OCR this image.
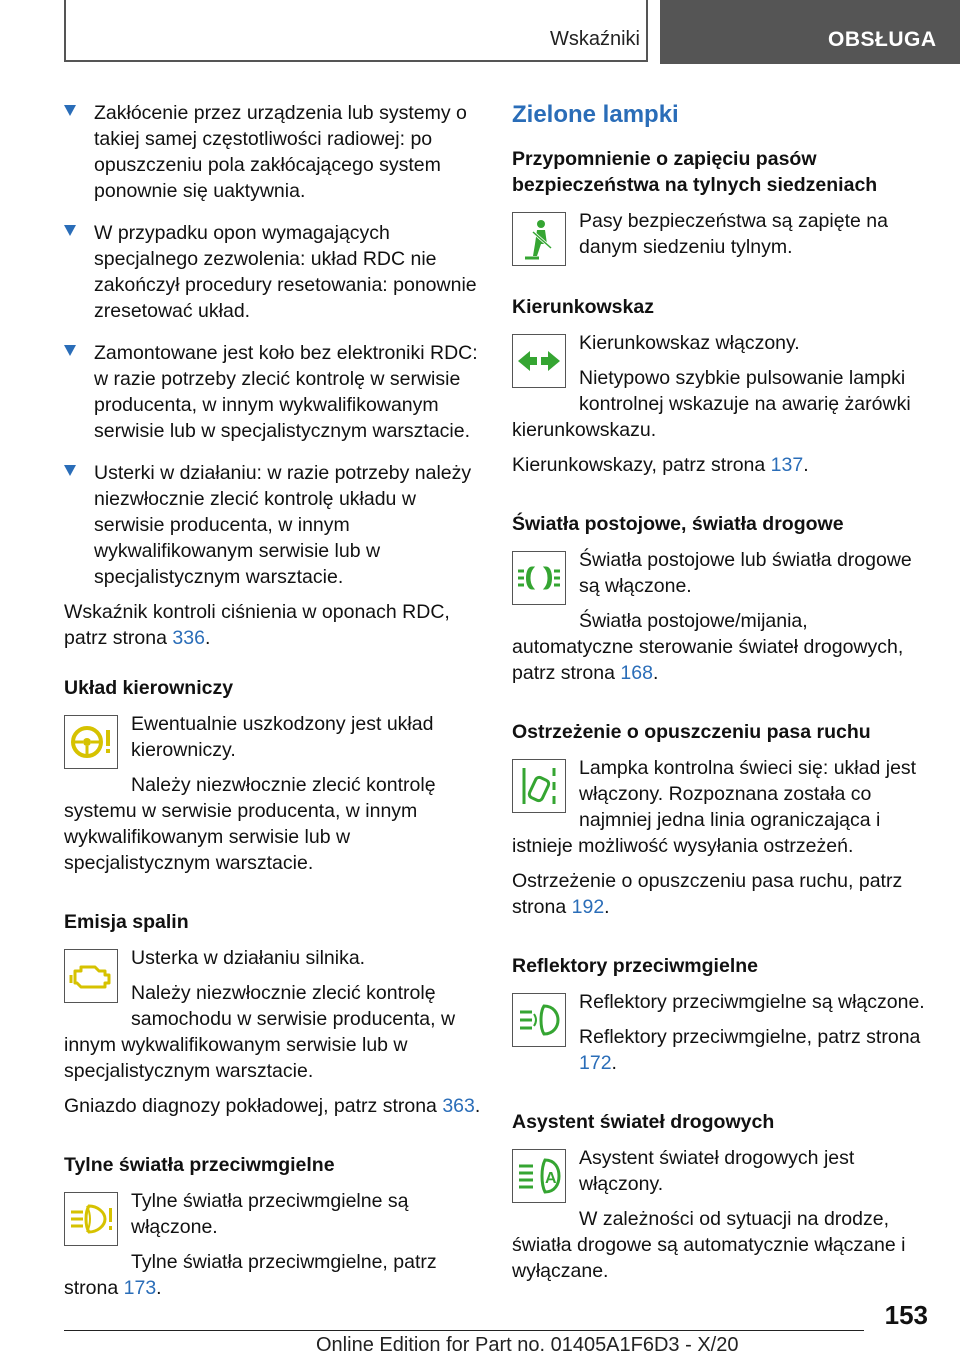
Wskaźniki	OBSŁUGA
Zakłócenie przez urządzenia lub systemy o takiej samej częstotliwości radiowej: po opuszczeniu pola zakłócającego system ponownie się uaktywnia.
W przypadku opon wymagających specjalnego zezwolenia: układ RDC nie zakończył procedury resetowania: ponownie zresetować układ.
Zamontowane jest koło bez elektroniki RDC: w razie potrzeby zlecić kontrolę w serwisie producenta, w innym wykwalifikowanym serwisie lub w specjalistycznym warsztacie.
Usterki w działaniu: w razie potrzeby należy niezwłocznie zlecić kontrolę układu w serwisie producenta, w innym wykwalifikowanym serwisie lub w specjalistycznym warsztacie.

Wskaźnik kontroli ciśnienia w oponach RDC, patrz strona 336.

Układ kierowniczy

Ewentualnie uszkodzony jest układ kierowniczy.

Należy niezwłocznie zlecić kontrolę systemu w serwisie producenta, w innym wykwalifikowanym serwisie lub w specjalistycznym warsztacie.

Emisja spalin

Usterka w działaniu silnika.

Należy niezwłocznie zlecić kontrolę samochodu w serwisie producenta, w innym wykwalifikowanym serwisie lub w specjalistycznym warsztacie.

Gniazdo diagnozy pokładowej, patrz strona 363.

Tylne światła przeciwmgielne

Tylne światła przeciwmgielne są włączone.

Tylne światła przeciwmgielne, patrz strona 173.

Zielone lampki
Przypomnienie o zapięciu pasów bezpieczeństwa na tylnych siedzeniach

Pasy bezpieczeństwa są zapięte na danym siedzeniu tylnym.

Kierunkowskaz

Kierunkowskaz włączony.

Nietypowo szybkie pulsowanie lampki kontrolnej wskazuje na awarię żarówki kierunkowskazu.

Kierunkowskazy, patrz strona 137.

Światła postojowe, światła drogowe

Światła postojowe lub światła drogowe są włączone.

Światła postojowe/mijania, automatyczne sterowanie świateł drogowych, patrz strona 168.

Ostrzeżenie o opuszczeniu pasa ruchu

Lampka kontrolna świeci się: układ jest włączony. Rozpoznana została co najmniej jedna linia ograniczająca i istnieje możliwość wysyłania ostrzeżeń.

Ostrzeżenie o opuszczeniu pasa ruchu, patrz strona 192.

Reflektory przeciwmgielne

Reflektory przeciwmgielne są włączone.

Reflektory przeciwmgielne, patrz strona 172.

Asystent świateł drogowych
A

Asystent świateł drogowych jest włączony.

W zależności od sytuacji na drodze, światła drogowe są automatycznie włączane i wyłączane.

153
Online Edition for Part no. 01405A1F6D3 - X/20
